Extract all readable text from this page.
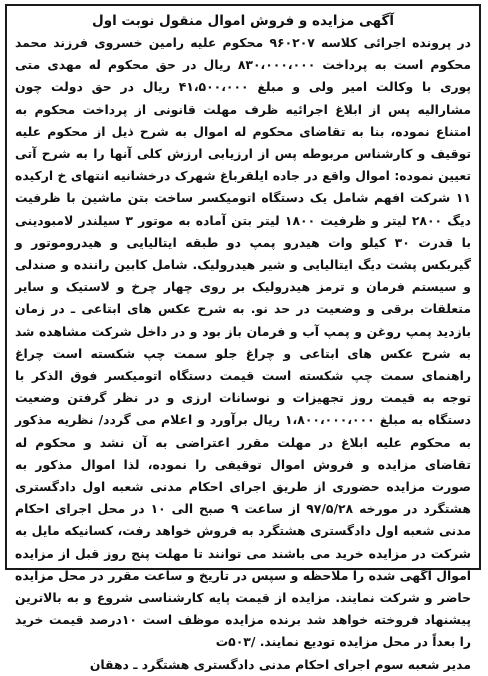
آگهی مزایده و فروش اموال منقول نوبت اول

در پرونده اجرائی کلاسه ۹۶۰۲۰۷ محکوم علیه رامین خسروی فرزند محمد محکوم است به پرداخت ۸۳۰،۰۰۰،۰۰۰ ریال در حق محکوم له مهدی متی پوری با وکالت امیر ولی و مبلغ ۴۱،۵۰۰،۰۰۰ ریال در حق دولت چون مشارالیه پس از ابلاغ اجرائیه ظرف مهلت قانونی از پرداخت محکوم به امتناع نموده، بنا به تقاضای محکوم له اموال به شرح ذیل از محکوم علیه توقیف و کارشناس مربوطه پس از ارزیابی ارزش کلی آنها را به شرح آتی تعیین نموده: اموال واقع در جاده ایلقرباغ شهرک درخشانیه انتهای خ ارکیده ۱۱ شرکت افهم شامل یک دستگاه اتومیکسر ساخت بتن ماشین با ظرفیت دیگ ۲۸۰۰ لیتر و ظرفیت ۱۸۰۰ لیتر بتن آماده به موتور ۳ سیلندر لامبودینی با قدرت ۳۰ کیلو وات هیدرو پمپ دو طبقه ایتالیایی و هیدروموتور و گیربکس پشت دیگ ایتالیایی و شیر هیدرولیک. شامل کابین راننده و صندلی و سیستم فرمان و ترمز هیدرولیک بر روی چهار چرخ و لاستیک و سایر متعلقات برقی و وضعیت در حد نو. به شرح عکس های ابتاعی ـ در زمان بازدید پمپ روغن و پمپ آب و فرمان باز بود و در داخل شرکت مشاهده شد به شرح عکس های ابتاعی و چراغ جلو سمت چپ شکسته است چراغ راهنمای سمت چپ شکسته است قیمت دستگاه اتومیکسر فوق الذکر با توجه به قیمت روز تجهیزات و نوسانات ارزی و در نظر گرفتن وضعیت دستگاه به مبلغ ۱،۸۰۰،۰۰۰،۰۰۰ ریال برآورد و اعلام می گردد/ نظریه مذکور به محکوم علیه ابلاغ در مهلت مقرر اعتراضی به آن نشد و محکوم له تقاضای مزایده و فروش اموال توقیفی را نموده، لذا اموال مذکور به صورت مزایده حضوری از طریق اجرای احکام مدنی شعبه اول دادگستری هشتگرد در مورخه ۹۷/۵/۲۸ از ساعت ۹ صبح الی ۱۰ در محل اجرای احکام مدنی شعبه اول دادگستری هشتگرد به فروش خواهد رفت، کسانیکه مایل به شرکت در مزایده خرید می باشند می توانند تا مهلت پنج روز قبل از مزایده اموال آگهی شده را ملاحظه و سپس در تاریخ و ساعت مقرر در محل مزایده حاضر و شرکت نمایند. مزایده از قیمت پایه کارشناسی شروع و به بالاترین پیشنهاد فروخته خواهد شد برنده مزایده موظف است ۱۰درصد قیمت خرید را بعداً در محل مزایده تودیع نمایند. /۵۰۳ت

مدیر شعبه سوم اجرای احکام مدنی دادگستری هشتگرد ـ دهقان
